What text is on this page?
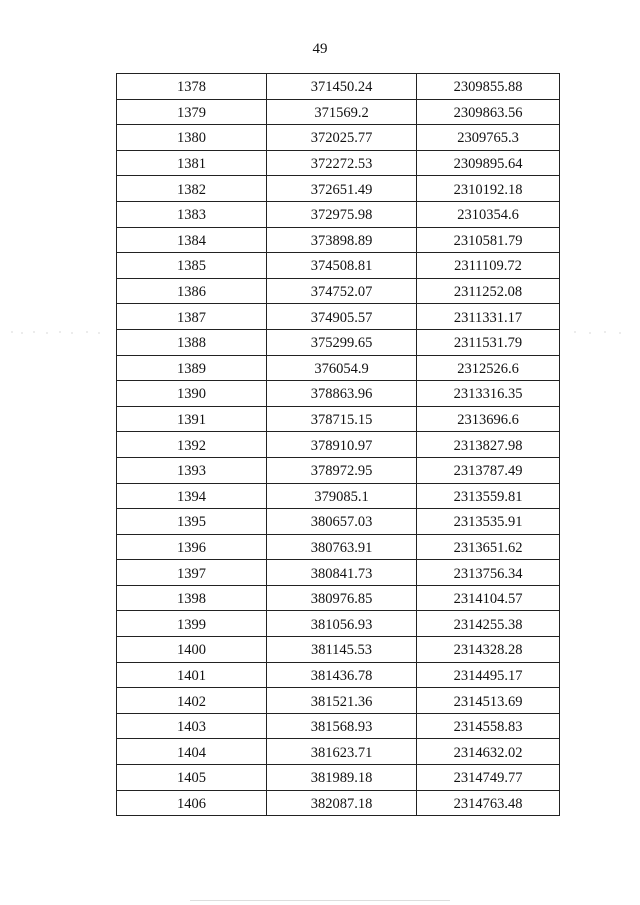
49
1378	371450.24	2309855.88
1379	371569.2	2309863.56
1380	372025.77	2309765.3
1381	372272.53	2309895.64
1382	372651.49	2310192.18
1383	372975.98	2310354.6
1384	373898.89	2310581.79
1385	374508.81	2311109.72
1386	374752.07	2311252.08
1387	374905.57	2311331.17
1388	375299.65	2311531.79
1389	376054.9	2312526.6
1390	378863.96	2313316.35
1391	378715.15	2313696.6
1392	378910.97	2313827.98
1393	378972.95	2313787.49
1394	379085.1	2313559.81
1395	380657.03	2313535.91
1396	380763.91	2313651.62
1397	380841.73	2313756.34
1398	380976.85	2314104.57
1399	381056.93	2314255.38
1400	381145.53	2314328.28
1401	381436.78	2314495.17
1402	381521.36	2314513.69
1403	381568.93	2314558.83
1404	381623.71	2314632.02
1405	381989.18	2314749.77
1406	382087.18	2314763.48
